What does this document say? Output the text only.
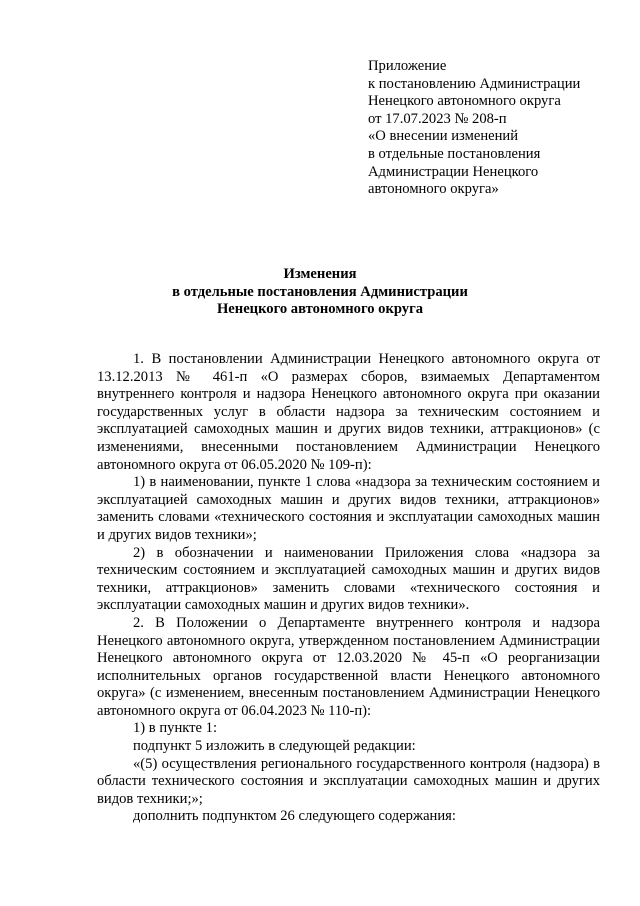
Приложение
к постановлению Администрации
Ненецкого автономного округа
от 17.07.2023 № 208-п
«О внесении изменений
в отдельные постановления
Администрации Ненецкого
автономного округа»
Изменения
в отдельные постановления Администрации
Ненецкого автономного округа

1. В постановлении Администрации Ненецкого автономного округа от 13.12.2013 № 461-п «О размерах сборов, взимаемых Департаментом внутреннего контроля и надзора Ненецкого автономного округа при оказании государственных услуг в области надзора за техническим состоянием и эксплуатацией самоходных машин и других видов техники, аттракционов» (с изменениями, внесенными постановлением Администрации Ненецкого автономного округа от 06.05.2020 № 109-п):

1) в наименовании, пункте 1 слова «надзора за техническим состоянием и эксплуатацией самоходных машин и других видов техники, аттракционов» заменить словами «технического состояния и эксплуатации самоходных машин и других видов техники»;

2) в обозначении и наименовании Приложения слова «надзора за техническим состоянием и эксплуатацией самоходных машин и других видов техники, аттракционов» заменить словами «технического состояния и эксплуатации самоходных машин и других видов техники».

2. В Положении о Департаменте внутреннего контроля и надзора Ненецкого автономного округа, утвержденном постановлением Администрации Ненецкого автономного округа от 12.03.2020 № 45-п «О реорганизации исполнительных органов государственной власти Ненецкого автономного округа» (с изменением, внесенным постановлением Администрации Ненецкого автономного округа от 06.04.2023 № 110-п):

1) в пункте 1:

подпункт 5 изложить в следующей редакции:

«(5) осуществления регионального государственного контроля (надзора) в области технического состояния и эксплуатации самоходных машин и других видов техники;»;

дополнить подпунктом 26 следующего содержания:
